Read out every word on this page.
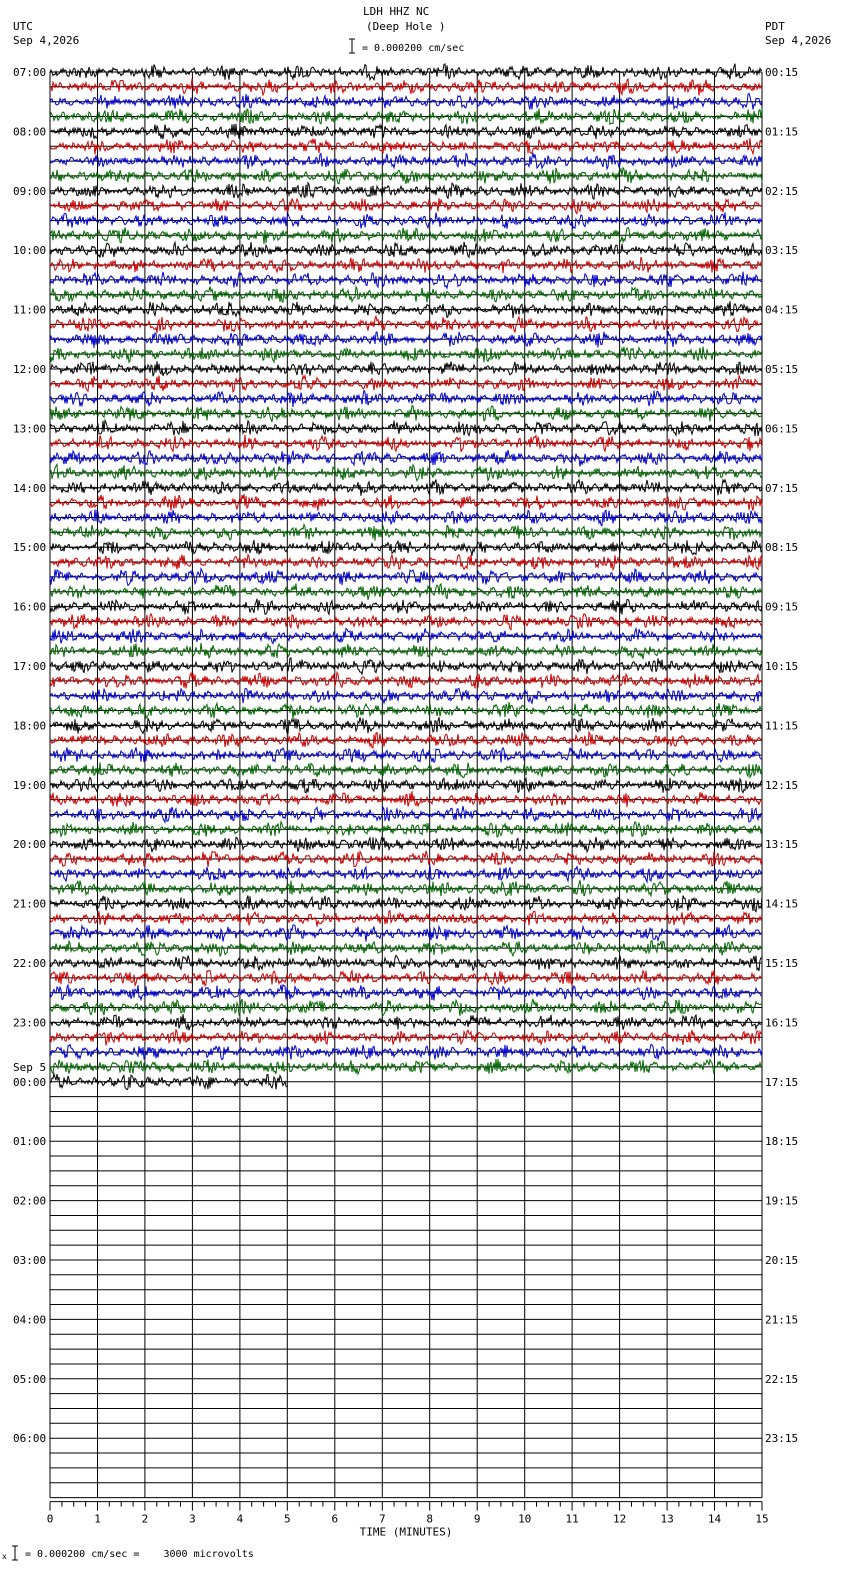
LDH HHZ NC
(Deep Hole )
UTC
Sep 4,2026
PDT
Sep 4,2026
= 0.000200 cm/sec
Sep 5
= 0.000200 cm/sec =    3000 microvolts
07:00	00:15
08:00	01:15
09:00	02:15
10:00	03:15
11:00	04:15
12:00	05:15
13:00	06:15
14:00	07:15
15:00	08:15
16:00	09:15
17:00	10:15
18:00	11:15
19:00	12:15
20:00	13:15
21:00	14:15
22:00	15:15
23:00	16:15
00:00	17:15
01:00	18:15
02:00	19:15
03:00	20:15
04:00	21:15
05:00	22:15
06:00	23:15
0	1	2	3	4	5	6	7	8	9	10	11	12	13	14	15
TIME (MINUTES)
x
